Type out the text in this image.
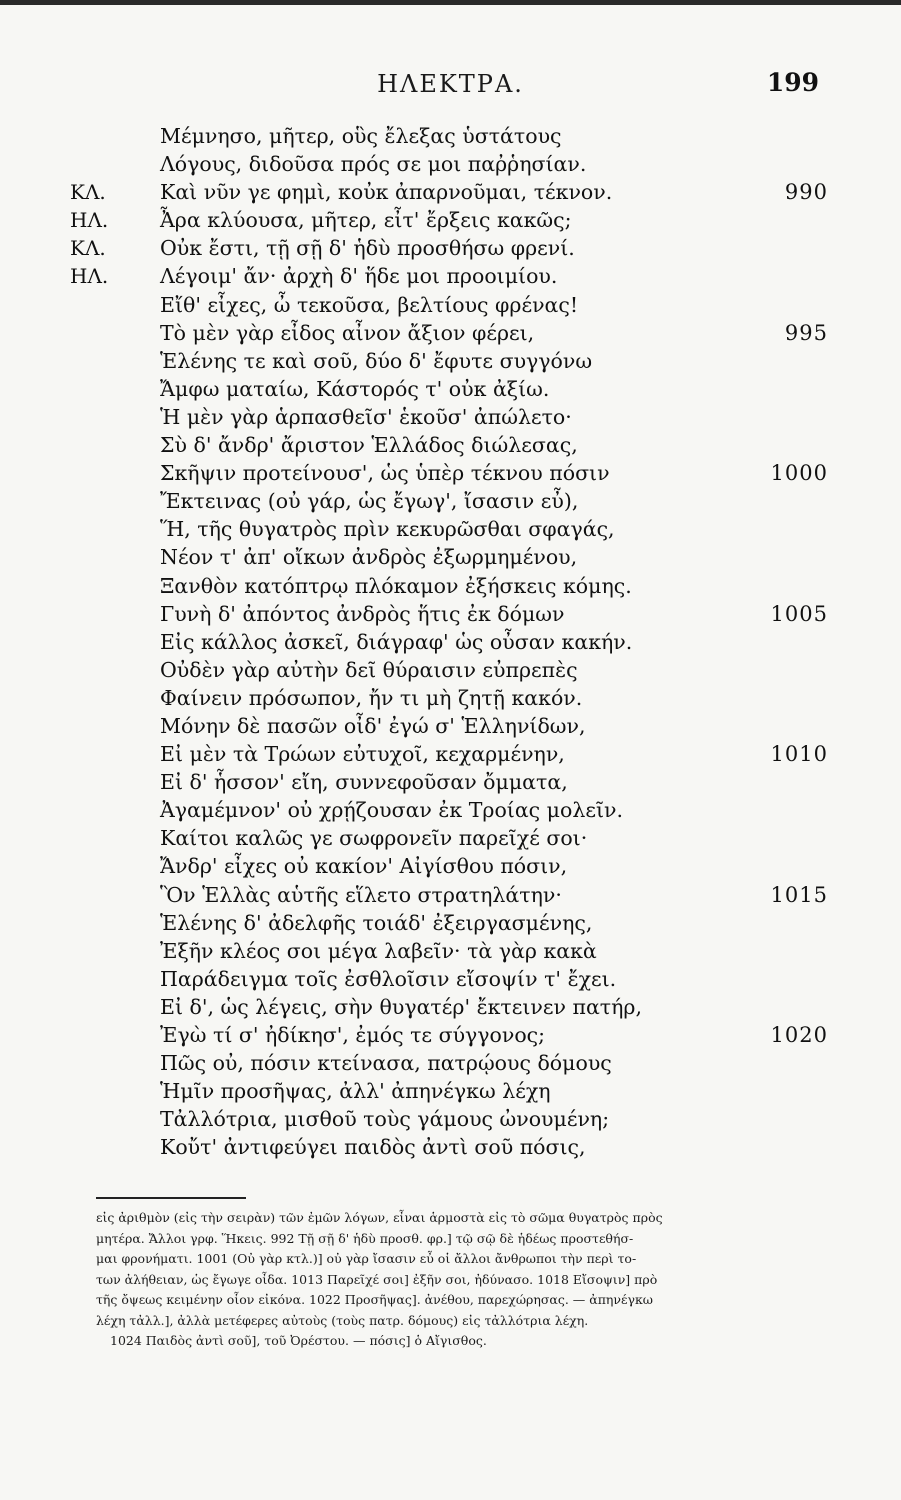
ΗΛΕΚΤΡΑ.	199
Μέμνησο, μῆτερ, οὓς ἔλεξας ὑστάτους
Λόγους, διδοῦσα πρός σε μοι παῤῥησίαν.
ΚΛ.	Καὶ νῦν γε φημὶ, κοὐκ ἀπαρνοῦμαι, τέκνον.	990
ΗΛ.	Ἆρα κλύουσα, μῆτερ, εἶτ' ἔρξεις κακῶς;
ΚΛ.	Οὐκ ἔστι, τῇ σῇ δ' ἡδὺ προσθήσω φρενί.
ΗΛ.	Λέγοιμ' ἄν· ἀρχὴ δ' ἥδε μοι προοιμίου.
Εἴθ' εἶχες, ὦ τεκοῦσα, βελτίους φρένας!
Τὸ μὲν γὰρ εἶδος αἶνον ἄξιον φέρει,	995
Ἑλένης τε καὶ σοῦ, δύο δ' ἔφυτε συγγόνω
Ἄμφω ματαίω, Κάστορός τ' οὐκ ἀξίω.
Ἡ μὲν γὰρ ἁρπασθεῖσ' ἑκοῦσ' ἀπώλετο·
Σὺ δ' ἄνδρ' ἄριστον Ἑλλάδος διώλεσας,
Σκῆψιν προτείνουσ', ὡς ὑπὲρ τέκνου πόσιν	1000
Ἔκτεινας (οὐ γάρ, ὡς ἔγωγ', ἴσασιν εὖ),
Ἥ, τῆς θυγατρὸς πρὶν κεκυρῶσθαι σφαγάς,
Νέον τ' ἀπ' οἴκων ἀνδρὸς ἐξωρμημένου,
Ξανθὸν κατόπτρῳ πλόκαμον ἐξήσκεις κόμης.
Γυνὴ δ' ἀπόντος ἀνδρὸς ἥτις ἐκ δόμων	1005
Εἰς κάλλος ἀσκεῖ, διάγραφ' ὡς οὖσαν κακήν.
Οὐδὲν γὰρ αὐτὴν δεῖ θύραισιν εὐπρεπὲς
Φαίνειν πρόσωπον, ἤν τι μὴ ζητῇ κακόν.
Μόνην δὲ πασῶν οἶδ' ἐγώ σ' Ἑλληνίδων,
Εἰ μὲν τὰ Τρώων εὐτυχοῖ, κεχαρμένην,	1010
Εἰ δ' ἧσσον' εἴη, συννεφοῦσαν ὄμματα,
Ἀγαμέμνον' οὐ χρῄζουσαν ἐκ Τροίας μολεῖν.
Καίτοι καλῶς γε σωφρονεῖν παρεῖχέ σοι·
Ἄνδρ' εἶχες οὐ κακίον' Αἰγίσθου πόσιν,
Ὃν Ἑλλὰς αὑτῆς εἵλετο στρατηλάτην·	1015
Ἑλένης δ' ἀδελφῆς τοιάδ' ἐξειργασμένης,
Ἐξῆν κλέος σοι μέγα λαβεῖν· τὰ γὰρ κακὰ
Παράδειγμα τοῖς ἐσθλοῖσιν εἴσοψίν τ' ἔχει.
Εἰ δ', ὡς λέγεις, σὴν θυγατέρ' ἔκτεινεν πατήρ,
Ἐγὼ τί σ' ἠδίκησ', ἐμός τε σύγγονος;	1020
Πῶς οὐ, πόσιν κτείνασα, πατρῴους δόμους
Ἡμῖν προσῆψας, ἀλλ' ἀπηνέγκω λέχη
Τἀλλότρια, μισθοῦ τοὺς γάμους ὠνουμένη;
Κοὔτ' ἀντιφεύγει παιδὸς ἀντὶ σοῦ πόσις,
εἰς ἀριθμὸν (εἰς τὴν σειρὰν) τῶν ἐμῶν λόγων, εἶναι ἁρμοστὰ εἰς τὸ σῶμα θυγατρὸς πρὸς
μητέρα. Ἄλλοι γρφ. Ἥκεις. 992 Τῇ σῇ δ' ἡδὺ προσθ. φρ.] τῷ σῷ δὲ ἡδέως προστεθήσ-
μαι φρονήματι. 1001 (Οὐ γὰρ κτλ.)] οὐ γὰρ ἴσασιν εὖ οἱ ἄλλοι ἄνθρωποι τὴν περὶ το-
των ἀλήθειαν, ὡς ἔγωγε οἶδα. 1013 Παρεῖχέ σοι] ἐξῆν σοι, ἠδύνασο. 1018 Εἴσοψιν] πρὸ
τῆς ὄψεως κειμένην οἷον εἰκόνα. 1022 Προσῆψας]. ἀνέθου, παρεχώρησας. — ἀπηνέγκω
λέχη τἀλλ.], ἀλλὰ μετέφερες αὐτοὺς (τοὺς πατρ. δόμους) εἰς τἀλλότρια λέχη.
1024 Παιδὸς ἀντὶ σοῦ], τοῦ Ὀρέστου. — πόσις] ὁ Αἴγισθος.
